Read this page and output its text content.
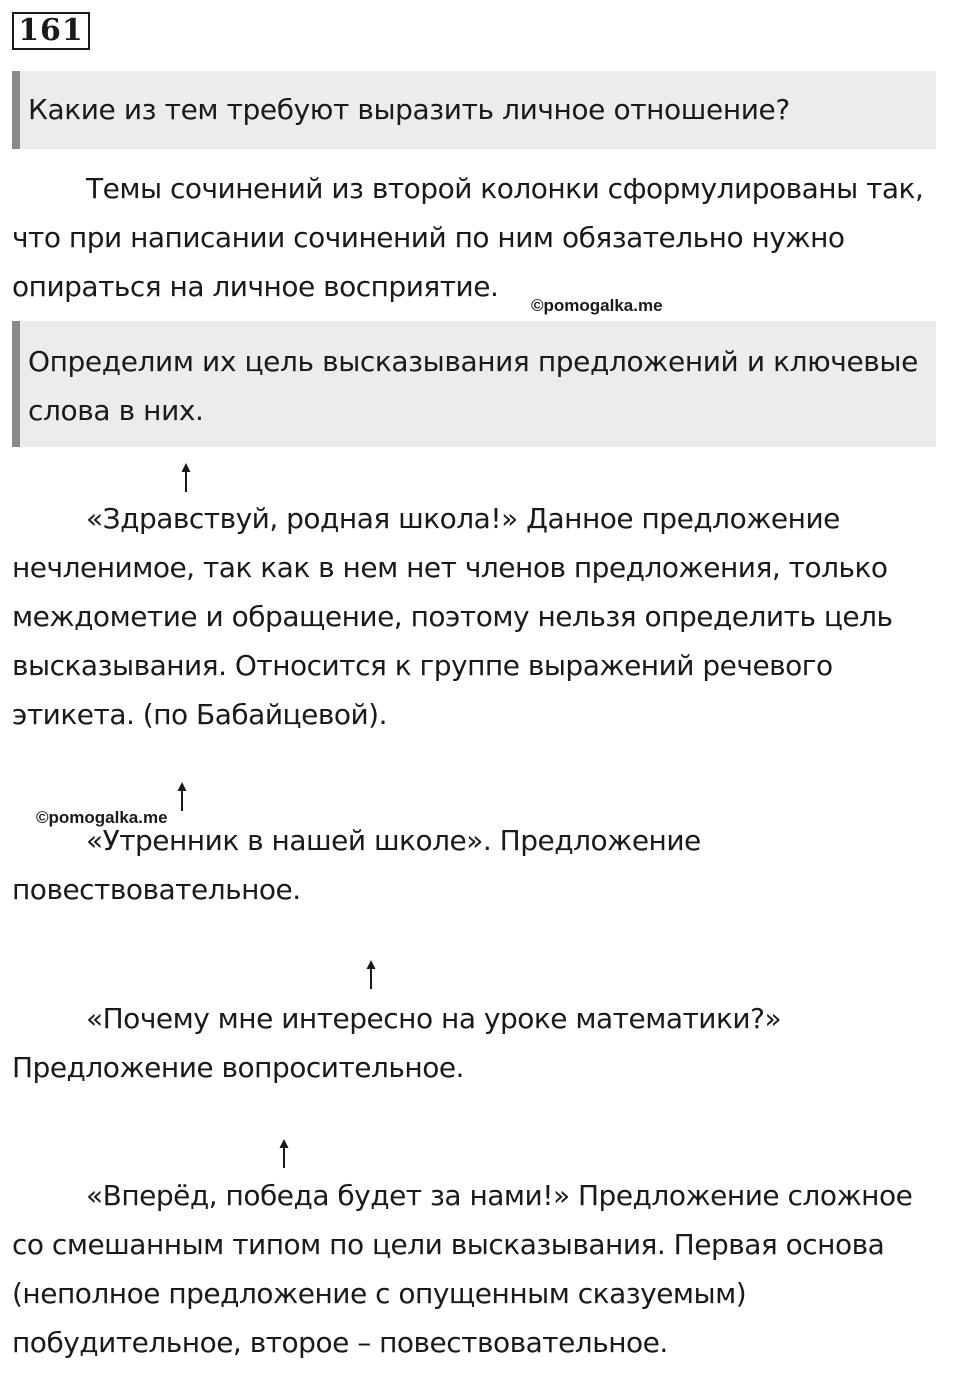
161
Какие из тем требуют выразить личное отношение?

Темы сочинений из второй колонки сформулированы так, что при написании сочинений по ним обязательно нужно опираться на личное восприятие.

©pomogalka.me
Определим их цель высказывания предложений и ключевые слова в них.

«Здравствуй, родная школа!» Данное предложение нечленимое, так как в нем нет членов предложения, только междометие и обращение, поэтому нельзя определить цель высказывания. Относится к группе выражений речевого этикета. (по Бабайцевой).

©pomogalka.me

«Утренник в нашей школе». Предложение повествовательное.

«Почему мне интересно на уроке математики?» Предложение вопросительное.

«Вперёд, победа будет за нами!» Предложение сложное со смешанным типом по цели высказывания. Первая основа (неполное предложение с опущенным сказуемым) побудительное, второе – повествовательное.
